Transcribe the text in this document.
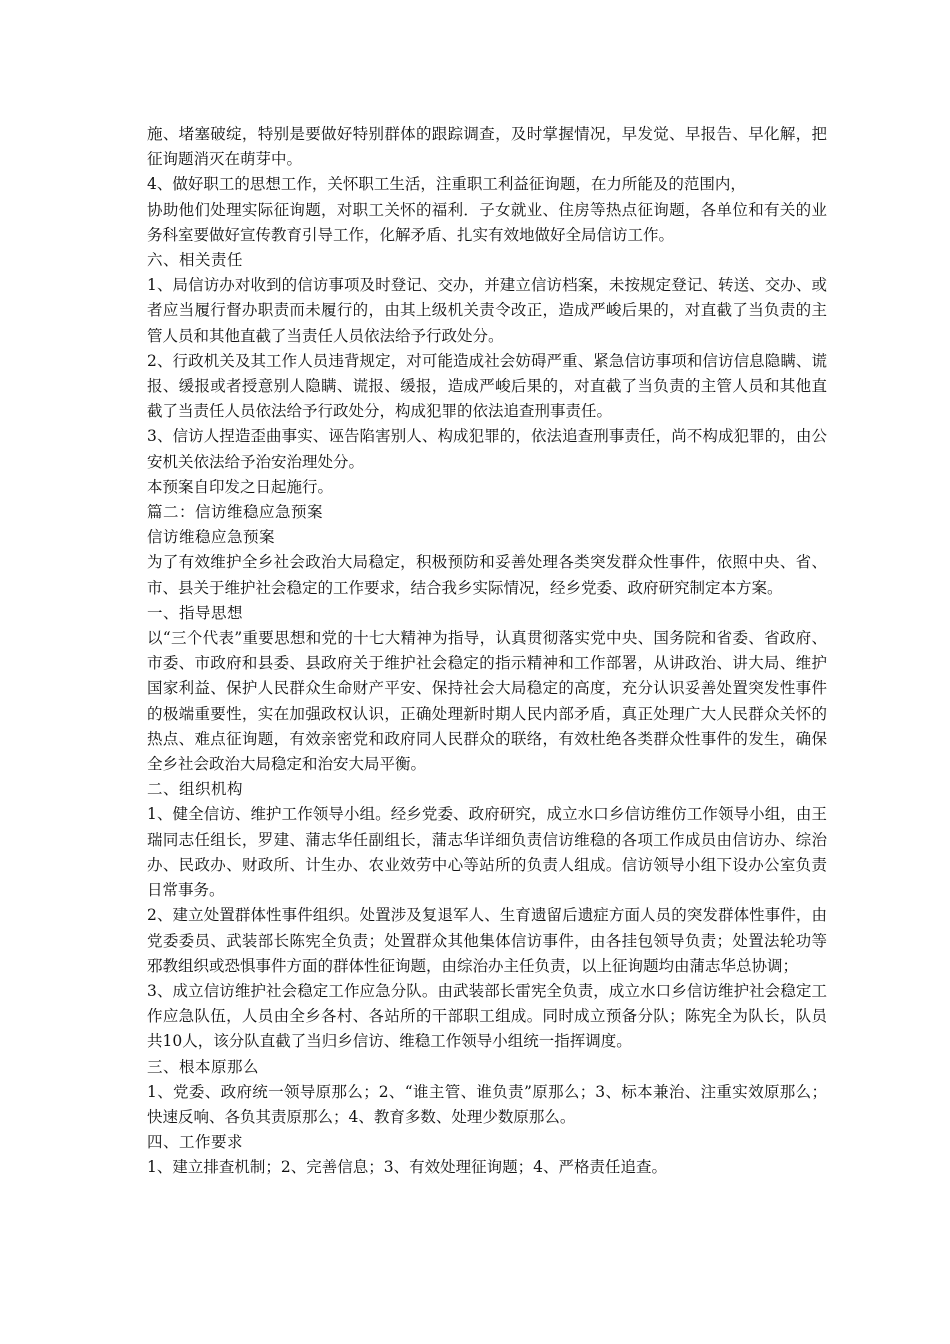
施、堵塞破绽，特别是要做好特别群体的跟踪调查，及时掌握情况，早发觉、早报告、早化解，把征询题消灭在萌芽中。

4、做好职工的思想工作，关怀职工生活，注重职工利益征询题，在力所能及的范围内，

协助他们处理实际征询题，对职工关怀的福利．子女就业、住房等热点征询题，各单位和有关的业务科室要做好宣传教育引导工作，化解矛盾、扎实有效地做好全局信访工作。

六、相关责任

1、局信访办对收到的信访事项及时登记、交办，并建立信访档案，未按规定登记、转送、交办、或者应当履行督办职责而未履行的，由其上级机关责令改正，造成严峻后果的，对直截了当负责的主管人员和其他直截了当责任人员依法给予行政处分。

2、行政机关及其工作人员违背规定，对可能造成社会妨碍严重、紧急信访事项和信访信息隐瞒、谎报、缓报或者授意别人隐瞒、谎报、缓报，造成严峻后果的，对直截了当负责的主管人员和其他直截了当责任人员依法给予行政处分，构成犯罪的依法追查刑事责任。

3、信访人捏造歪曲事实、诬告陷害别人、构成犯罪的，依法追查刑事责任，尚不构成犯罪的，由公安机关依法给予治安治理处分。

本预案自印发之日起施行。

篇二：信访维稳应急预案

信访维稳应急预案

为了有效维护全乡社会政治大局稳定，积极预防和妥善处理各类突发群众性事件，依照中央、省、市、县关于维护社会稳定的工作要求，结合我乡实际情况，经乡党委、政府研究制定本方案。

一、指导思想

以“三个代表”重要思想和党的十七大精神为指导，认真贯彻落实党中央、国务院和省委、省政府、市委、市政府和县委、县政府关于维护社会稳定的指示精神和工作部署，从讲政治、讲大局、维护国家利益、保护人民群众生命财产平安、保持社会大局稳定的高度，充分认识妥善处置突发性事件的极端重要性，实在加强政权认识，正确处理新时期人民内部矛盾，真正处理广大人民群众关怀的热点、难点征询题，有效亲密党和政府同人民群众的联络，有效杜绝各类群众性事件的发生，确保全乡社会政治大局稳定和治安大局平衡。

二、组织机构

1、健全信访、维护工作领导小组。经乡党委、政府研究，成立水口乡信访维仿工作领导小组，由王瑞同志任组长，罗建、蒲志华任副组长，蒲志华详细负责信访维稳的各项工作成员由信访办、综治办、民政办、财政所、计生办、农业效劳中心等站所的负责人组成。信访领导小组下设办公室负责日常事务。

2、建立处置群体性事件组织。处置涉及复退军人、生育遗留后遗症方面人员的突发群体性事件，由党委委员、武装部长陈宪全负责；处置群众其他集体信访事件，由各挂包领导负责；处置法轮功等邪教组织或恐惧事件方面的群体性征询题，由综治办主任负责，以上征询题均由蒲志华总协调；

3、成立信访维护社会稳定工作应急分队。由武装部长雷宪全负责，成立水口乡信访维护社会稳定工作应急队伍，人员由全乡各村、各站所的干部职工组成。同时成立预备分队；陈宪全为队长，队员共10人，该分队直截了当归乡信访、维稳工作领导小组统一指挥调度。

三、根本原那么

1、党委、政府统一领导原那么；2、“谁主管、谁负责”原那么；3、标本兼治、注重实效原那么；快速反响、各负其责原那么；4、教育多数、处理少数原那么。

四、工作要求

1、建立排查机制；2、完善信息；3、有效处理征询题；4、严格责任追查。
